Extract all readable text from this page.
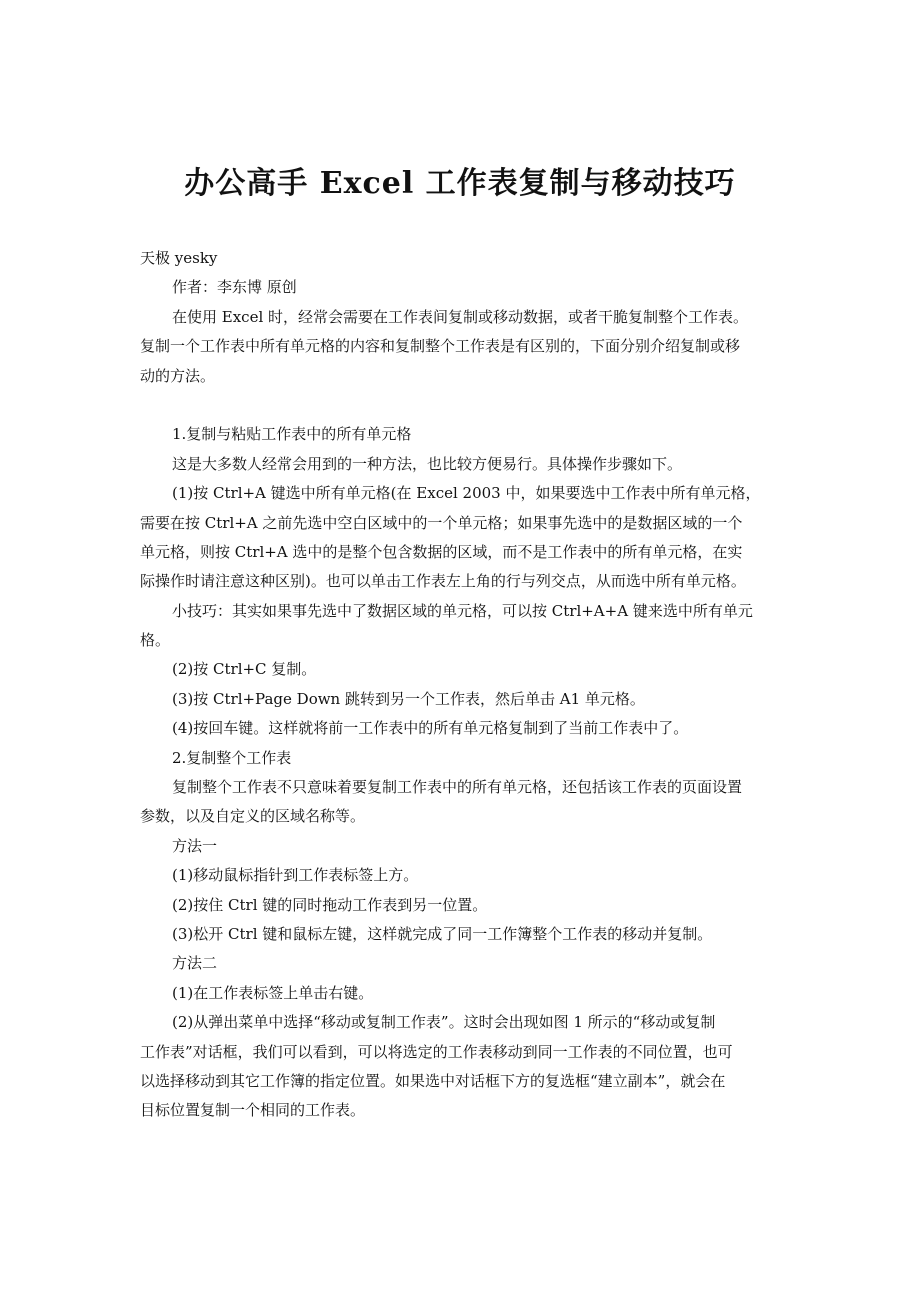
办公高手 Excel 工作表复制与移动技巧
天极 yesky
作者：李东博 原创
在使用 Excel 时，经常会需要在工作表间复制或移动数据，或者干脆复制整个工作表。
复制一个工作表中所有单元格的内容和复制整个工作表是有区别的，下面分别介绍复制或移
动的方法。
1.复制与粘贴工作表中的所有单元格
这是大多数人经常会用到的一种方法，也比较方便易行。具体操作步骤如下。
(1)按 Ctrl+A 键选中所有单元格(在 Excel 2003 中，如果要选中工作表中所有单元格，
需要在按 Ctrl+A 之前先选中空白区域中的一个单元格；如果事先选中的是数据区域的一个
单元格，则按 Ctrl+A 选中的是整个包含数据的区域，而不是工作表中的所有单元格，在实
际操作时请注意这种区别)。也可以单击工作表左上角的行与列交点，从而选中所有单元格。
小技巧：其实如果事先选中了数据区域的单元格，可以按 Ctrl+A+A 键来选中所有单元
格。
(2)按 Ctrl+C 复制。
(3)按 Ctrl+Page Down 跳转到另一个工作表，然后单击 A1 单元格。
(4)按回车键。这样就将前一工作表中的所有单元格复制到了当前工作表中了。
2.复制整个工作表
复制整个工作表不只意味着要复制工作表中的所有单元格，还包括该工作表的页面设置
参数，以及自定义的区域名称等。
方法一
(1)移动鼠标指针到工作表标签上方。
(2)按住 Ctrl 键的同时拖动工作表到另一位置。
(3)松开 Ctrl 键和鼠标左键，这样就完成了同一工作簿整个工作表的移动并复制。
方法二
(1)在工作表标签上单击右键。
(2)从弹出菜单中选择“移动或复制工作表”。这时会出现如图 1 所示的“移动或复制
工作表”对话框，我们可以看到，可以将选定的工作表移动到同一工作表的不同位置，也可
以选择移动到其它工作簿的指定位置。如果选中对话框下方的复选框“建立副本”，就会在
目标位置复制一个相同的工作表。
